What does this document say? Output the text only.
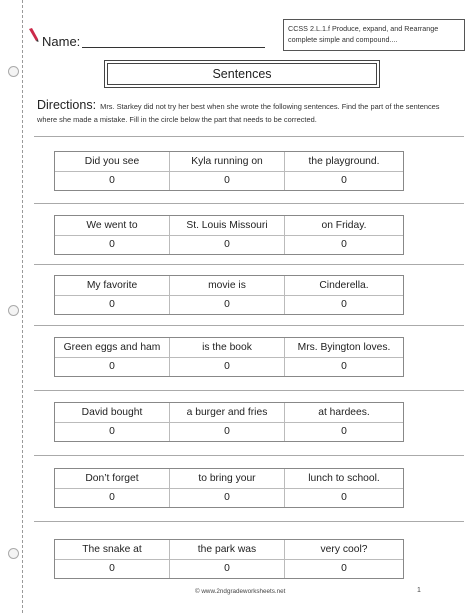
Name:
CCSS 2.L.1.f Produce, expand, and Rearrange complete simple and compound....
Sentences
Directions: Mrs. Starkey did not try her best when she wrote the following sentences. Find the part of the sentences where she made a mistake. Fill in the circle below the part that needs to be corrected.
Did you see	Kyla running on	the playground.
0	0	0
We went to	St. Louis Missouri	on Friday.
0	0	0
My favorite	movie is	Cinderella.
0	0	0
Green eggs and ham	is the book	Mrs. Byington loves.
0	0	0
David bought	a burger and fries	at hardees.
0	0	0
Don’t forget	to bring your	lunch to school.
0	0	0
The snake at	the park was	very cool?
0	0	0
© www.2ndgradeworksheets.net	1
